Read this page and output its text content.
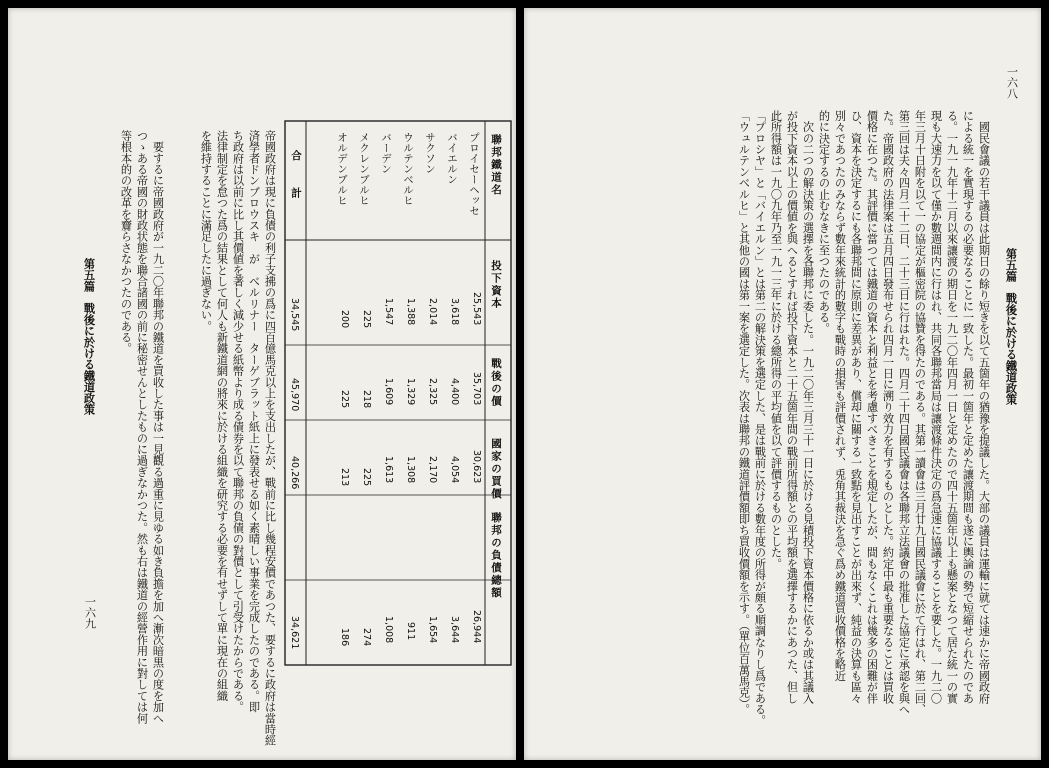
聯邦鐵道名
投下資本
戰後の價
國家の買價
聯邦の負債總額
プロイセーヘッセ
25,543
35,703
30,623
26,944
バイエルン
3,618
4,400
4,054
3,644
サクソン
2,014
2,325
2,170
1,654
ウルテンベルヒ
1,388
1,329
1,308
911
バーデン
1,547
1,609
1,613
1,008
メクレンブルヒ
225
218
225
274
オルデンブルヒ
200
225
213
186
合　　計
34,545
45,970
40,266
34,621
帝國政府は現に負債の利子支拂の爲に四百億馬克以上を支出したが、戰前に比し幾程安價であつた、要するに政府は當時經
済學者ドンブロウスキ　が　ベルリナー　ターゲブラット紙上に發表せる如く素晴しい事業を完成したのである。即
ち政府は以前に比し其價値を著しく減少せる紙幣より成る債券を以て聯邦の負債の對價として引受けたからである。
法律制定を怠つた爲の結果として何人も新鐵道網の將來に於ける組織を研究する必要を有せずして單に現在の組織
を維持することに滿足したに過ぎない。
　要するに帝國政府が一九二〇年聯邦の鐵道を買收した事は一見觀る過重に見ゆる如き負擔を加へ漸次暗黒の度を加へ
つゝある帝國の財政状態を聯合諸國の前に秘密せんとしたものに過ぎなかつた。然も右は鐵道の經營作用に對しては何
等根本的の改革を齎らさなかつたのである。
第五篇　戰後に於ける鐵道政策
一六九
一六八
第五篇　戰後に於ける鐵道政策
　國民會議の若干議員は此期日の餘り短きを以て五箇年の猶豫を提議した。大部の議員は運輸に就ては速かに帝國政府
による統一を實現するの必要なることに一致した。最初一箇年と定めた讓渡期間も遂に輿論の勢で短縮せられたのであ
る。一九一九年十二月以來讓渡の期日を一九二〇年四月一日と定めたので四十五箇年以上も懸案となつて居た統一の實
現も大速力を以て僅か數週間内に行はれ、共同各聯邦當局は讓渡條件決定の爲急速に協議することを要した。一九二〇
年三月十日附を以て一の協定が樞密院の協贊を得たのである。其第一讀會は三月廿九日國民議會に於て行はれ、第二回、
第三回は夫々四月二十二日、二十三日に行はれた。四月二十四日國民議會は各聯邦立法議會の批准した協定に承認を與へ
た。帝國政府の法律案は五月四日發布せられ四月一日に溯り效力を有するものとした。約定中最も重要なることは買收
價格に在つた。其評價に當つては鐵道の資本と利益とを考慮すべきことを規定したが、間もなくこれは幾多の困難が伴
ひ、資本を決定するにも各聯邦間に原則に差異があり、償却に關する一致點を見出すことが出來ず、純益の決算も區々
別々であつたのみならず數年來統計的數字も戰時の損害も評價されず、兎角其裁決を急ぐ爲め鐵道買收價格を略近
的に決定するの止むなきに至つたのである。
　次の二つの解決策の選擇を各聯邦に委した。一九二〇年三月三十一日に於ける見積投下資本價格に依るか或は其議入
が投下資本以上の價値を與へるとすれば投下資本と二十五箇年間の戰前所得額との平均額を選擇するかにあつた、但し
此所得額は一九〇九年乃至一九一三年に於ける總所得の平均値を以て評價するものとした。
「プロシヤ」と「バイエルン」とは第二の解決策を選定した、是は戰前に於ける數年度の所得が頗る順調なりし爲である。
「ウュルテンベルヒ」と其他の國は第一案を選定した。次表は聯邦の鐵道評價額即ち買收價額を示す。（單位百萬馬克）。
